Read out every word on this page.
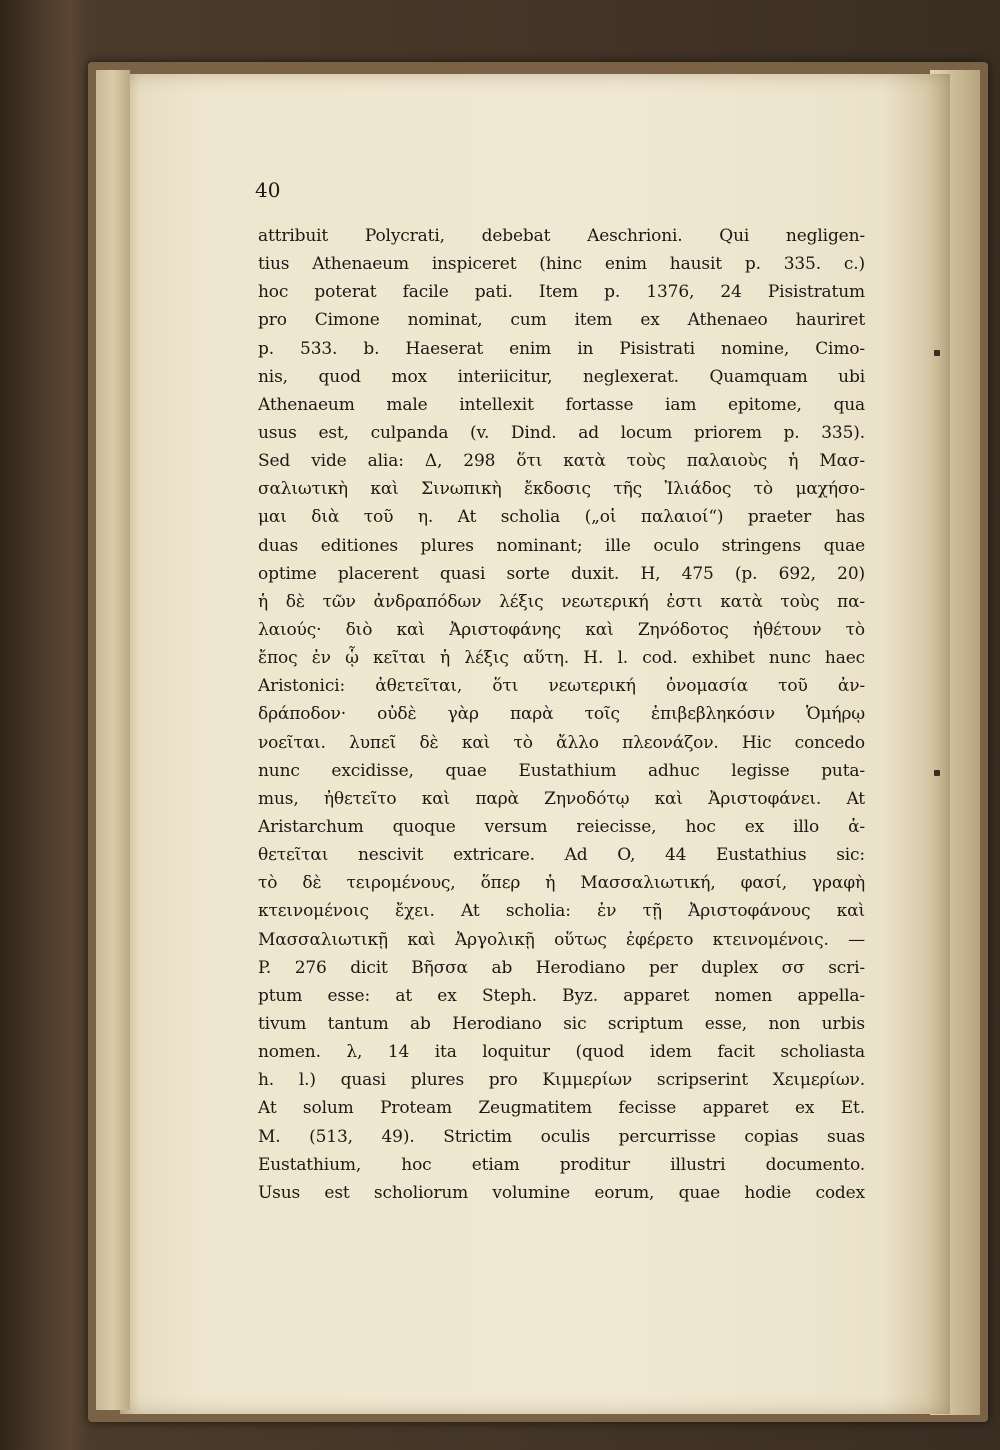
40
attribuit Polycrati, debebat Aeschrioni. Qui negligen-
tius Athenaeum inspiceret (hinc enim hausit p. 335. c.)
hoc poterat facile pati. Item p. 1376, 24 Pisistratum
pro Cimone nominat, cum item ex Athenaeo hauriret
p. 533. b. Haeserat enim in Pisistrati nomine, Cimo-
nis, quod mox interiicitur, neglexerat. Quamquam ubi
Athenaeum male intellexit fortasse iam epitome, qua
usus est, culpanda (v. Dind. ad locum priorem p. 335).
Sed vide alia: Δ, 298 ὅτι κατὰ τοὺς παλαιοὺς ἡ Μασ-
σαλιωτικὴ καὶ Σινωπικὴ ἔκδοσις τῆς Ἰλιάδος τὸ μαχήσο-
μαι διὰ τοῦ η. At scholia („οἱ παλαιοί“) praeter has
duas editiones plures nominant; ille oculo stringens quae
optime placerent quasi sorte duxit. H, 475 (p. 692, 20)
ἡ δὲ τῶν ἀνδραπόδων λέξις νεωτερική ἐστι κατὰ τοὺς πα-
λαιούς· διὸ καὶ Ἀριστοφάνης καὶ Ζηνόδοτος ἠθέτουν τὸ
ἔπος ἐν ᾧ κεῖται ἡ λέξις αὕτη. H. l. cod. exhibet nunc haec
Aristonici: ἀθετεῖται, ὅτι νεωτερική ὀνομασία τοῦ ἀν-
δράποδον· οὐδὲ γὰρ παρὰ τοῖς ἐπιβεβληκόσιν Ὁμήρῳ
νοεῖται. λυπεῖ δὲ καὶ τὸ ἄλλο πλεονάζον. Hic concedo
nunc excidisse, quae Eustathium adhuc legisse puta-
mus, ἠθετεῖτο καὶ παρὰ Ζηνοδότῳ καὶ Ἀριστοφάνει. At
Aristarchum quoque versum reiecisse, hoc ex illo ἀ-
θετεῖται nescivit extricare. Ad O, 44 Eustathius sic:
τὸ δὲ τειρομένους, ὅπερ ἡ Μασσαλιωτική, φασί, γραφὴ
κτεινομένοις ἔχει. At scholia: ἐν τῇ Ἀριστοφάνους καὶ
Μασσαλιωτικῇ καὶ Ἀργολικῇ οὕτως ἐφέρετο κτεινομένοις. —
P. 276 dicit Βῆσσα ab Herodiano per duplex σσ scri-
ptum esse: at ex Steph. Byz. apparet nomen appella-
tivum tantum ab Herodiano sic scriptum esse, non urbis
nomen. λ, 14 ita loquitur (quod idem facit scholiasta
h. l.) quasi plures pro Κιμμερίων scripserint Χειμερίων.
At solum Proteam Zeugmatitem fecisse apparet ex Et.
M. (513, 49). Strictim oculis percurrisse copias suas
Eustathium, hoc etiam proditur illustri documento.
Usus est scholiorum volumine eorum, quae hodie codex
